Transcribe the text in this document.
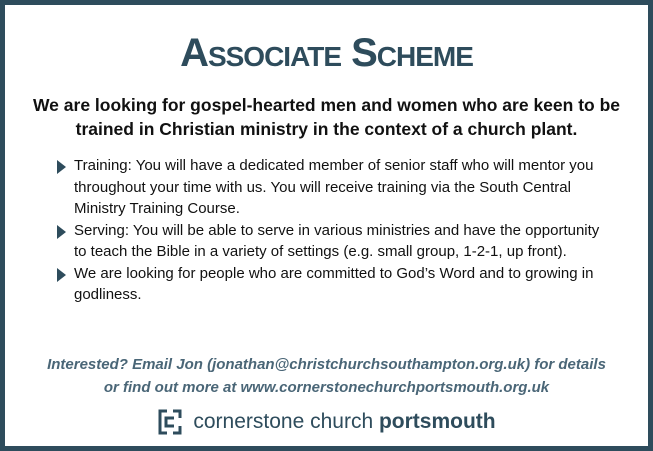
Associate Scheme
We are looking for gospel-hearted men and women who are keen to be trained in Christian ministry in the context of a church plant.
Training: You will have a dedicated member of senior staff who will mentor you throughout your time with us. You will receive training via the South Central Ministry Training Course.
Serving: You will be able to serve in various ministries and have the opportunity to teach the Bible in a variety of settings (e.g. small group, 1-2-1, up front).
We are looking for people who are committed to God’s Word and to growing in godliness.
Interested? Email Jon (jonathan@christchurchsouthampton.org.uk) for details
or find out more at www.cornerstonechurchportsmouth.org.uk
cornerstone church portsmouth
